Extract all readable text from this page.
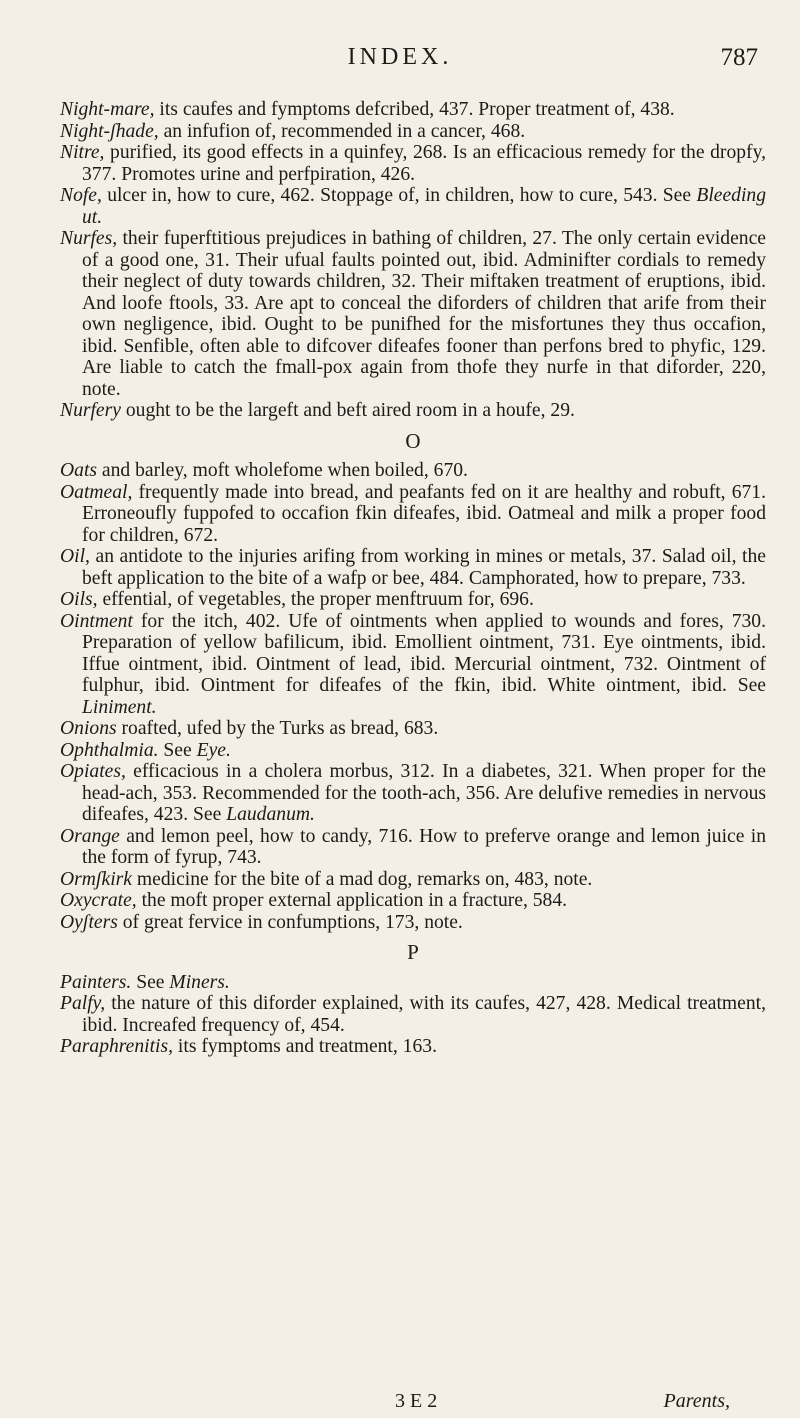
INDEX.	787

Night-mare, its caufes and fymptoms defcribed, 437. Proper treatment of, 438.

Night-ʃhade, an infufion of, recommended in a cancer, 468.

Nitre, purified, its good effects in a quinfey, 268. Is an efficacious remedy for the dropfy, 377. Promotes urine and perfpiration, 426.

Nofe, ulcer in, how to cure, 462. Stoppage of, in children, how to cure, 543. See Bleeding ut.

Nurfes, their fuperftitious prejudices in bathing of children, 27. The only certain evidence of a good one, 31. Their ufual faults pointed out, ibid. Adminifter cordials to remedy their neglect of duty towards children, 32. Their miftaken treatment of eruptions, ibid. And loofe ftools, 33. Are apt to conceal the diforders of children that arife from their own negligence, ibid. Ought to be punifhed for the misfortunes they thus occafion, ibid. Senfible, often able to difcover difeafes fooner than perfons bred to phyfic, 129. Are liable to catch the fmall-pox again from thofe they nurfe in that diforder, 220, note.

Nurfery ought to be the largeft and beft aired room in a houfe, 29.

O

Oats and barley, moft wholefome when boiled, 670.

Oatmeal, frequently made into bread, and peafants fed on it are healthy and robuft, 671. Erroneoufly fuppofed to occafion fkin difeafes, ibid. Oatmeal and milk a proper food for children, 672.

Oil, an antidote to the injuries arifing from working in mines or metals, 37. Salad oil, the beft application to the bite of a wafp or bee, 484. Camphorated, how to prepare, 733.

Oils, effential, of vegetables, the proper menftruum for, 696.

Ointment for the itch, 402. Ufe of ointments when applied to wounds and fores, 730. Preparation of yellow bafilicum, ibid. Emollient ointment, 731. Eye ointments, ibid. Iffue ointment, ibid. Ointment of lead, ibid. Mercurial ointment, 732. Ointment of fulphur, ibid. Ointment for difeafes of the fkin, ibid. White ointment, ibid. See Liniment.

Onions roafted, ufed by the Turks as bread, 683.

Ophthalmia. See Eye.

Opiates, efficacious in a cholera morbus, 312. In a diabetes, 321. When proper for the head-ach, 353. Recommended for the tooth-ach, 356. Are delufive remedies in nervous difeafes, 423. See Laudanum.

Orange and lemon peel, how to candy, 716. How to preferve orange and lemon juice in the form of fyrup, 743.

Ormʃkirk medicine for the bite of a mad dog, remarks on, 483, note.

Oxycrate, the moft proper external application in a fracture, 584.

Oyʃters of great fervice in confumptions, 173, note.

P

Painters. See Miners.

Palfy, the nature of this diforder explained, with its caufes, 427, 428. Medical treatment, ibid. Increafed frequency of, 454.

Paraphrenitis, its fymptoms and treatment, 163.

3 E 2	Parents,
